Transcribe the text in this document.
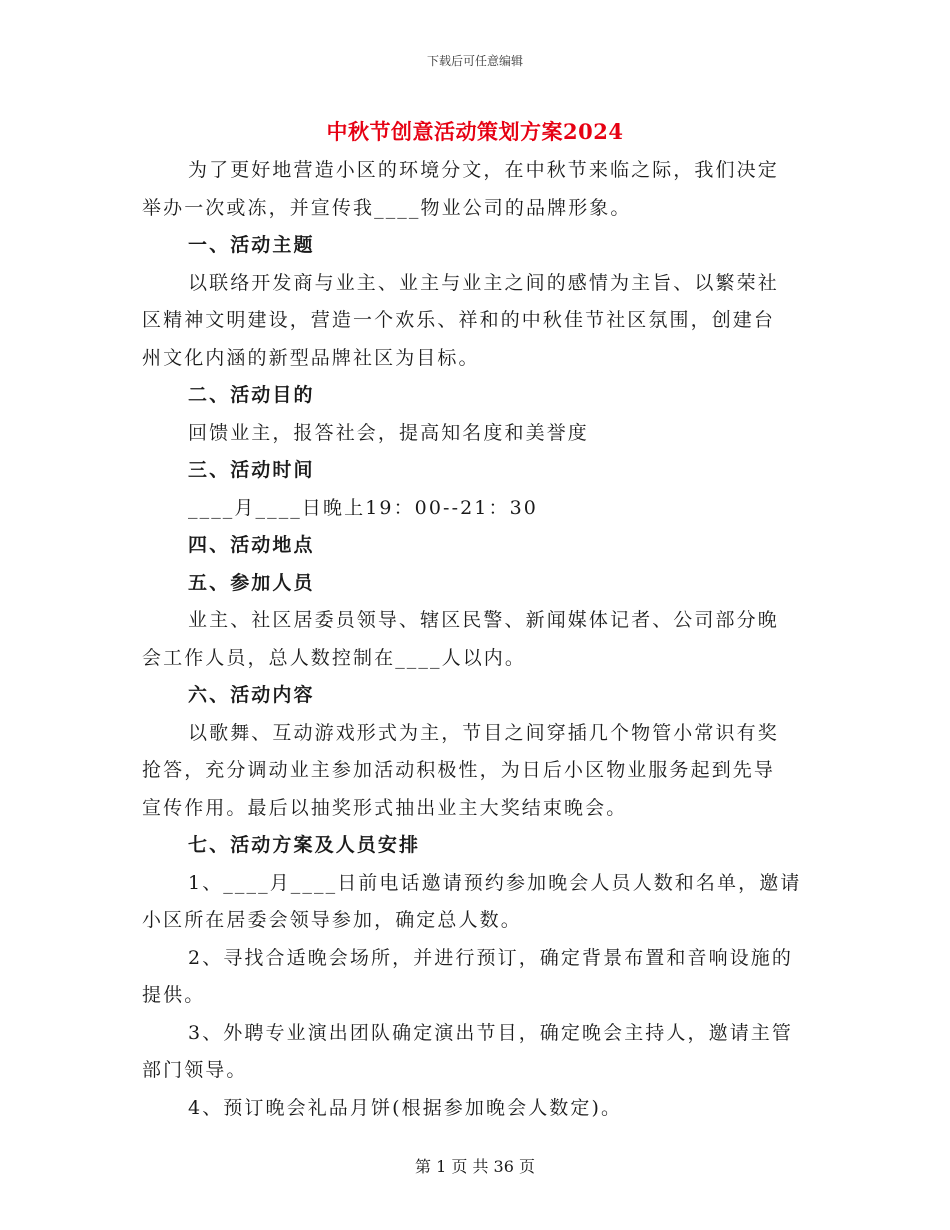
下载后可任意编辑
中秋节创意活动策划方案2024
为了更好地营造小区的环境分文，在中秋节来临之际，我们决定
举办一次或冻，并宣传我____物业公司的品牌形象。
一、活动主题
以联络开发商与业主、业主与业主之间的感情为主旨、以繁荣社
区精神文明建设，营造一个欢乐、祥和的中秋佳节社区氛围，创建台
州文化内涵的新型品牌社区为目标。
二、活动目的
回馈业主，报答社会，提高知名度和美誉度
三、活动时间
____月____日晚上19：00--21：30
四、活动地点
五、参加人员
业主、社区居委员领导、辖区民警、新闻媒体记者、公司部分晚
会工作人员，总人数控制在____人以内。
六、活动内容
以歌舞、互动游戏形式为主，节目之间穿插几个物管小常识有奖
抢答，充分调动业主参加活动积极性，为日后小区物业服务起到先导
宣传作用。最后以抽奖形式抽出业主大奖结束晚会。
七、活动方案及人员安排
1、____月____日前电话邀请预约参加晚会人员人数和名单，邀请
小区所在居委会领导参加，确定总人数。
2、寻找合适晚会场所，并进行预订，确定背景布置和音响设施的
提供。
3、外聘专业演出团队确定演出节目，确定晚会主持人，邀请主管
部门领导。
4、预订晚会礼品月饼(根据参加晚会人数定)。
第 1 页 共 36 页
